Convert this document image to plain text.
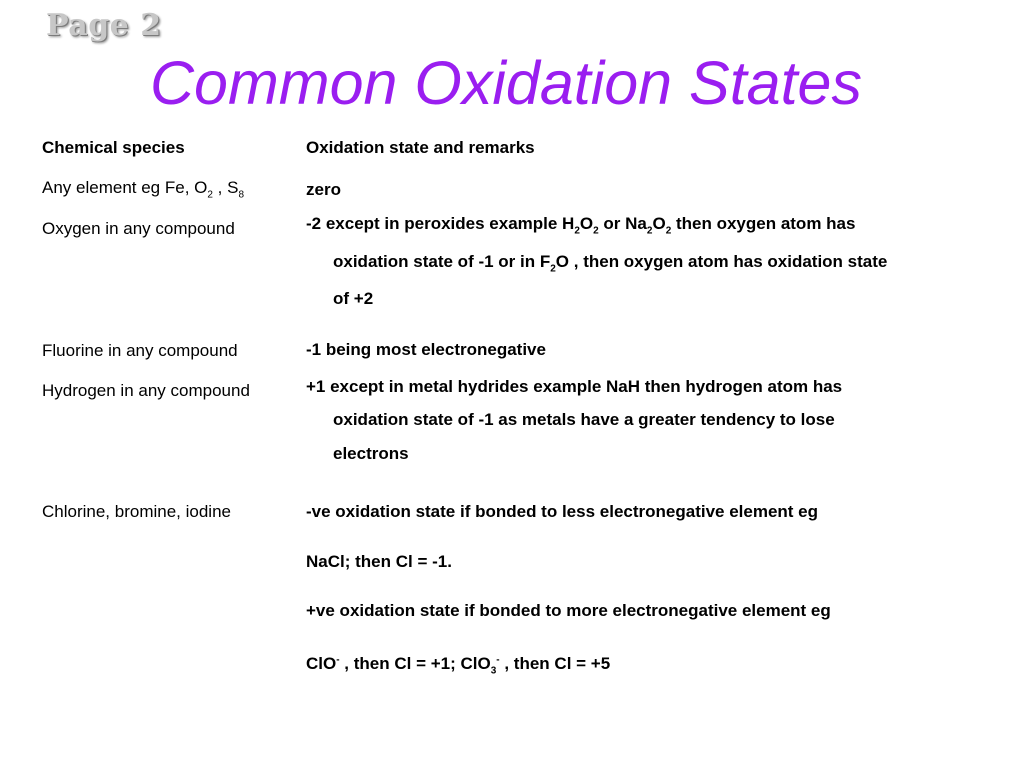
Page 2
Common Oxidation States
Chemical species	Oxidation state and remarks
Any element eg Fe, $O_2$ , $S_8$	zero
Oxygen in any compound	-2 except in peroxides example $H_2O_2$ or $Na_2O_2$ then oxygen atom has
oxidation state of -1 or in $F_2O$ , then oxygen atom has oxidation state
of +2
Fluorine in any compound	-1 being most electronegative
Hydrogen in any compound	+1 except in metal hydrides example NaH then hydrogen atom has
oxidation state of -1 as metals have a greater tendency to lose
electrons
Chlorine, bromine, iodine	-ve oxidation state if bonded to less electronegative element eg
NaCl; then Cl = -1.
+ve oxidation state if bonded to more electronegative element eg
ClO- , then Cl = +1; ClO$_3$- , then Cl = +5
